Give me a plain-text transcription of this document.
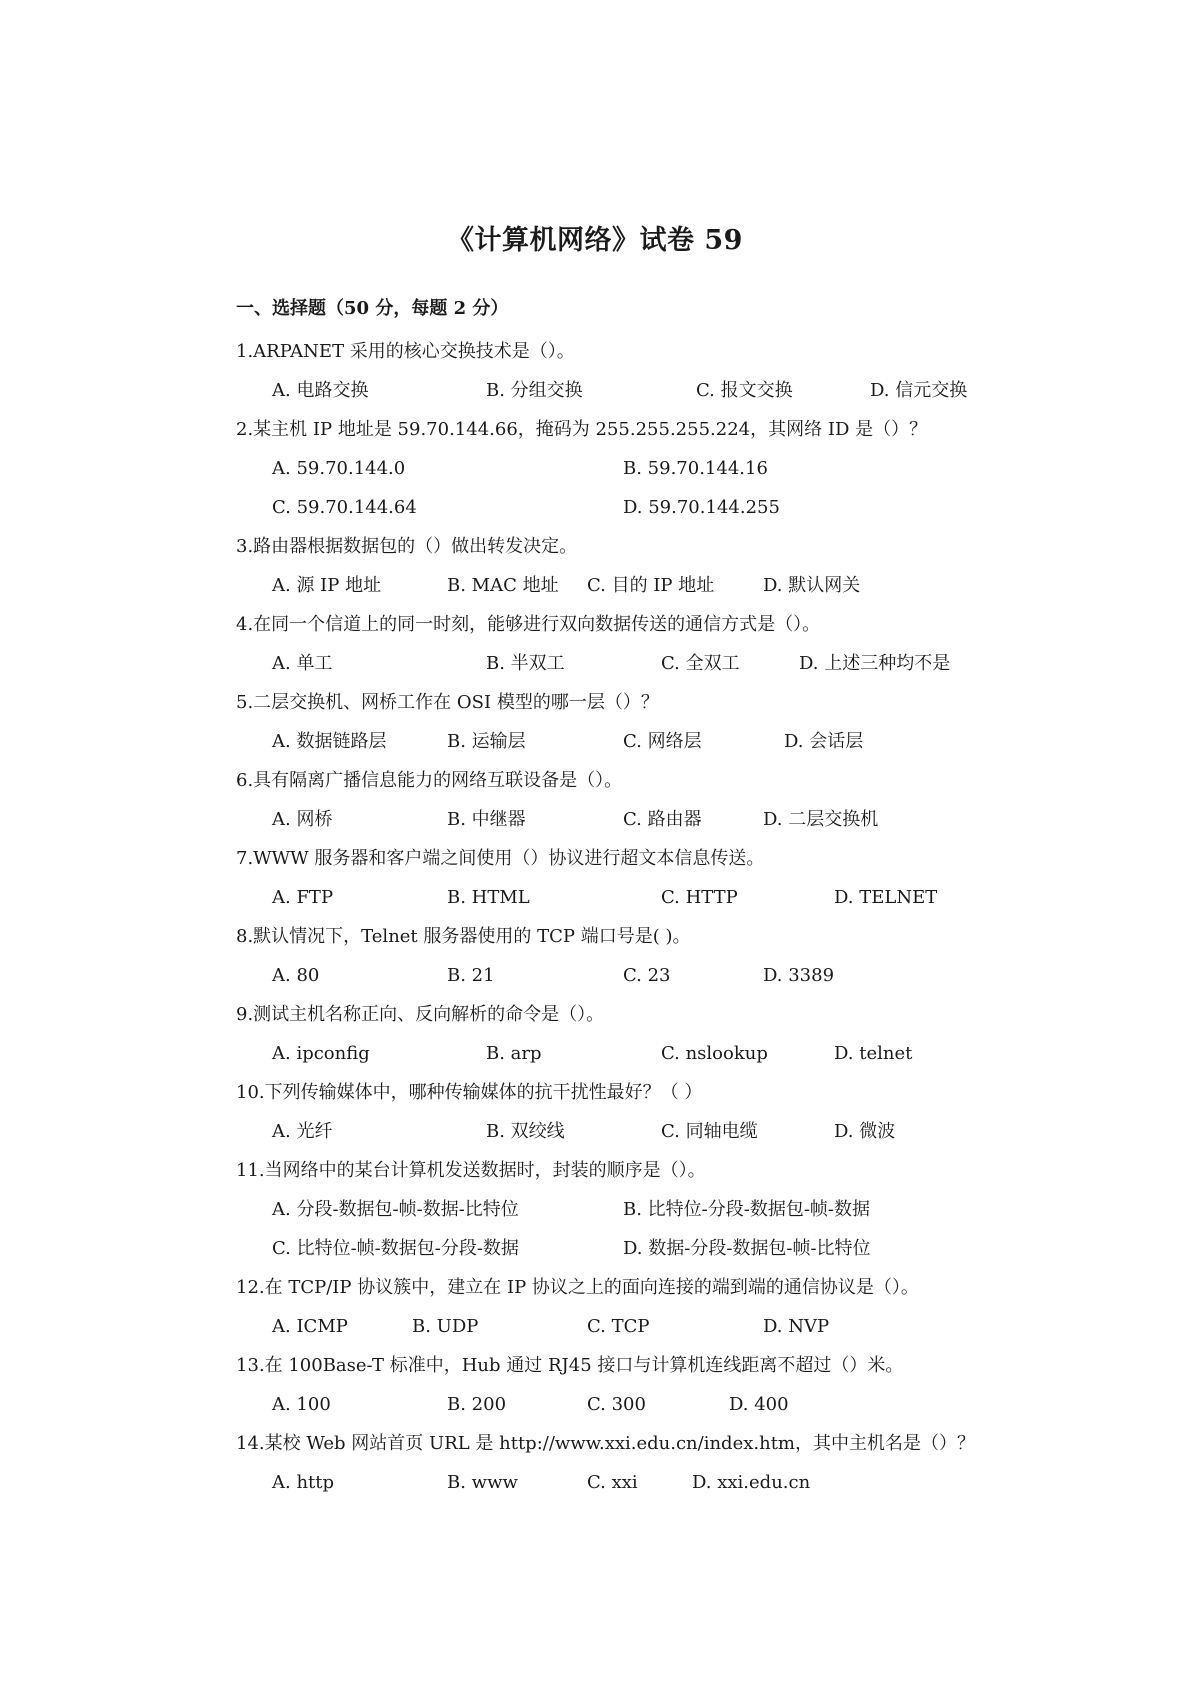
《计算机网络》试卷 59
一、选择题（50 分，每题 2 分）
1.ARPANET 采用的核心交换技术是（）。
A. 电路交换	B. 分组交换	C. 报文交换	D. 信元交换
2.某主机 IP 地址是 59.70.144.66，掩码为 255.255.255.224，其网络 ID 是（）？
A. 59.70.144.0	B. 59.70.144.16
C. 59.70.144.64	D. 59.70.144.255
3.路由器根据数据包的（）做出转发决定。
A. 源 IP 地址	B. MAC 地址 C. 目的 IP 地址	D. 默认网关
4.在同一个信道上的同一时刻，能够进行双向数据传送的通信方式是（）。
A. 单工	B. 半双工	C. 全双工	D. 上述三种均不是
5.二层交换机、网桥工作在 OSI 模型的哪一层（）？
A. 数据链路层	B. 运输层	C. 网络层	D. 会话层
6.具有隔离广播信息能力的网络互联设备是（）。
A. 网桥	B. 中继器	C. 路由器	D. 二层交换机
7.WWW 服务器和客户端之间使用（）协议进行超文本信息传送。
A. FTP	B. HTML	C. HTTP	D. TELNET
8.默认情况下，Telnet 服务器使用的 TCP 端口号是( )。
A. 80	B. 21	C. 23	D. 3389
9.测试主机名称正向、反向解析的命令是（）。
A. ipconfig	B. arp	C. nslookup	D. telnet
10.下列传输媒体中，哪种传输媒体的抗干扰性最好？（ ）
A. 光纤	B. 双绞线	C. 同轴电缆	D. 微波
11.当网络中的某台计算机发送数据时，封装的顺序是（）。
A. 分段-数据包-帧-数据-比特位	B. 比特位-分段-数据包-帧-数据
C. 比特位-帧-数据包-分段-数据	D. 数据-分段-数据包-帧-比特位
12.在 TCP/IP 协议簇中，建立在 IP 协议之上的面向连接的端到端的通信协议是（）。
A. ICMP	B. UDP	C. TCP	D. NVP
13.在 100Base-T 标准中，Hub 通过 RJ45 接口与计算机连线距离不超过（）米。
A. 100	B. 200	C. 300	D. 400
14.某校 Web 网站首页 URL 是 http://www.xxi.edu.cn/index.htm，其中主机名是（）？
A. http	B. www	C. xxi	D. xxi.edu.cn
